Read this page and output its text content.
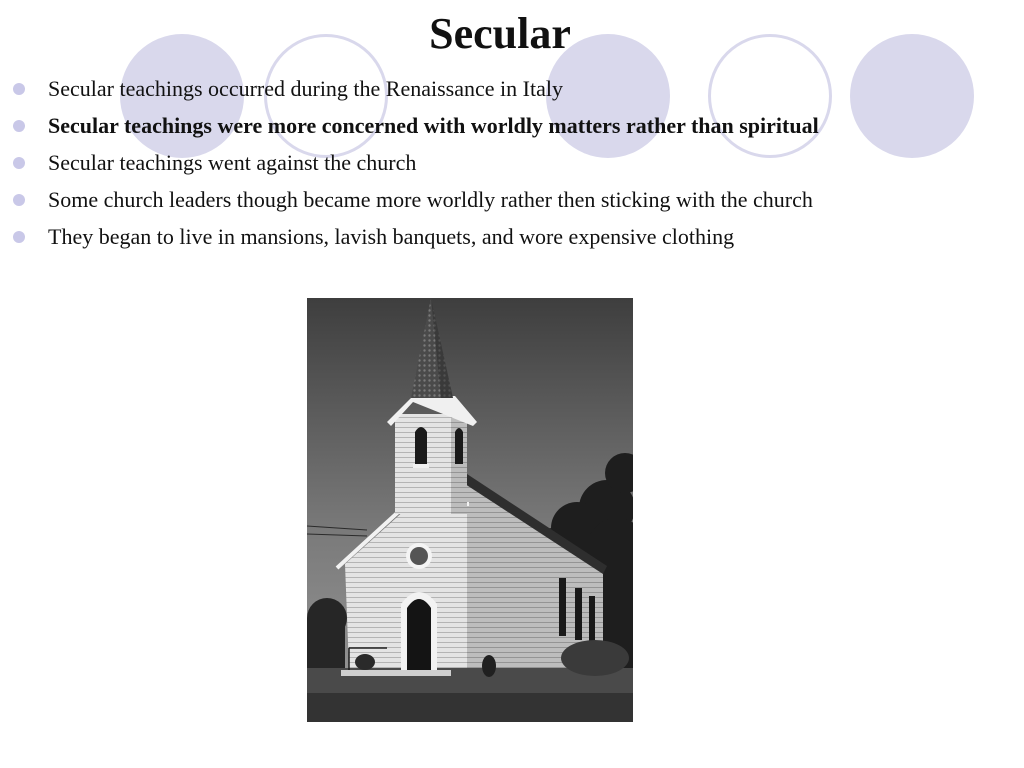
Secular
Secular teachings occurred during the Renaissance in Italy
Secular teachings were more concerned with worldly matters rather than spiritual
Secular teachings went against the church
Some church leaders though became more worldly rather then sticking with the church
They began to live in mansions, lavish banquets, and wore expensive clothing
